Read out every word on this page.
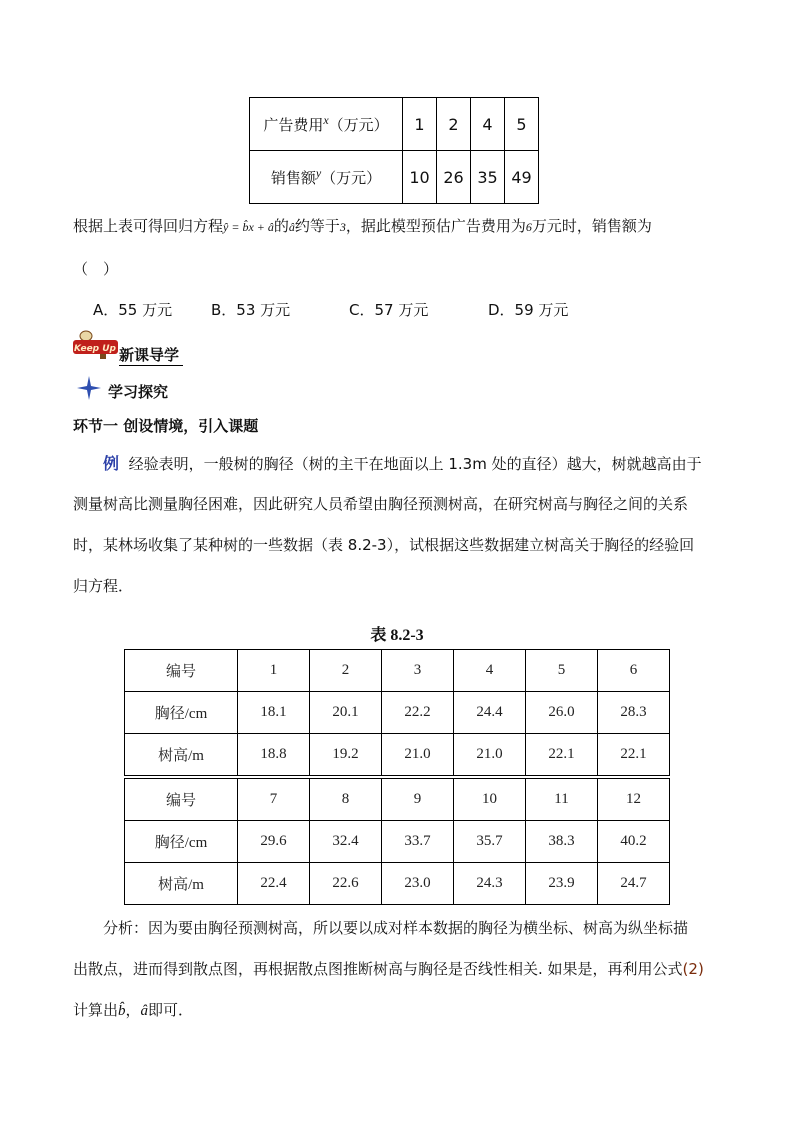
广告费用$^x$（万元）	1	2	4	5
销售额$^y$（万元）	10	26	35	49
根据上表可得回归方程ŷ = b̂x + â的â约等于3，据此模型预估广告费用为6万元时，销售额为
（　）
A．55 万元	B．53 万元	C．57 万元	D．59 万元
Keep Up 新课导学
学习探究
环节一 创设情境，引入课题
例 经验表明，一般树的胸径（树的主干在地面以上 1.3m 处的直径）越大，树就越高由于
测量树高比测量胸径困难，因此研究人员希望由胸径预测树高，在研究树高与胸径之间的关系
时，某林场收集了某种树的一些数据（表 8.2-3），试根据这些数据建立树高关于胸径的经验回
归方程．
表 8.2-3
编号	1	2	3	4	5	6
胸径/cm	18.1	20.1	22.2	24.4	26.0	28.3
树高/m	18.8	19.2	21.0	21.0	22.1	22.1
编号	7	8	9	10	11	12
胸径/cm	29.6	32.4	33.7	35.7	38.3	40.2
树高/m	22.4	22.6	23.0	24.3	23.9	24.7
分析：因为要由胸径预测树高，所以要以成对样本数据的胸径为横坐标、树高为纵坐标描
出散点，进而得到散点图，再根据散点图推断树高与胸径是否线性相关. 如果是，再利用公式(2)
计算出b̂，â即可．
